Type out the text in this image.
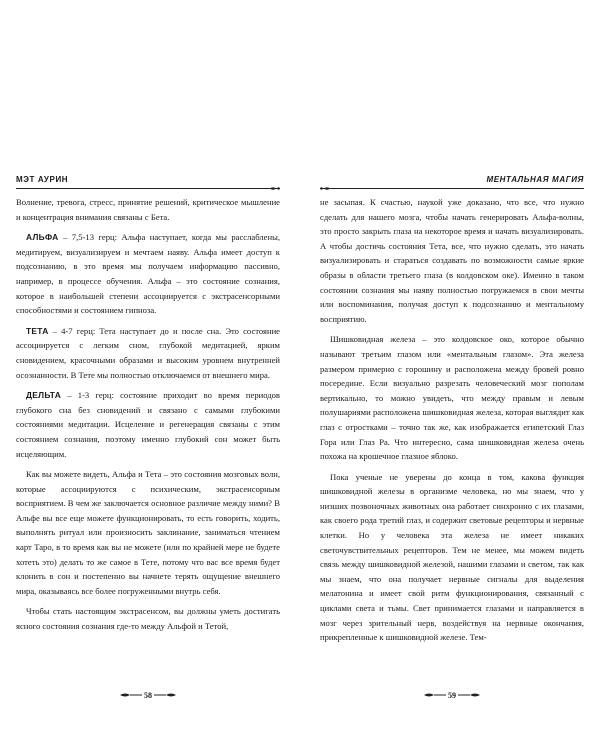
МЭТ АУРИН

Волнение, тревога, стресс, принятие решений, критическое мышление и концентрация внимания связаны с Бета.

АЛЬФА – 7,5-13 герц: Альфа наступает, когда мы расслаблены, медитируем, визуализируем и мечтаем наяву. Альфа имеет доступ к подсознанию, в это время мы получаем информацию пассивно, например, в процессе обучения. Альфа – это состояние сознания, которое в наибольшей степени ассоциируется с экстрасенсорными способностями и состоянием гипноза.

ТЕТА – 4-7 герц: Тета наступает до и после сна. Это состояние ассоциируется с легким сном, глубокой медитацией, ярким сновидением, красочными образами и высоким уровнем внутренней осознанности. В Тете мы полностью отключаемся от внешнего мира.

ДЕЛЬТА – 1-3 герц: состояние приходит во время периодов глубокого сна без сновидений и связано с самыми глубокими состояниями медитации. Исцеление и регенерация связаны с этим состоянием сознания, поэтому именно глубокий сон может быть исцеляющим.

Как вы можете видеть, Альфа и Тета – это состояния мозговых волн, которые ассоциируются с психическим, экстрасенсорным восприятием. В чем же заключается основное различие между ними? В Альфе вы все еще можете функционировать, то есть говорить, ходить, выполнять ритуал или произносить заклинание, заниматься чтением карт Таро, в то время как вы не можете (или по крайней мере не будете хотеть это) делать то же самое в Тете, потому что вас все время будет клонить в сон и постепенно вы начнете терять ощущение внешнего мира, оказываясь все более погруженными внутрь себя.

Чтобы стать настоящим экстрасенсом, вы должны уметь достигать ясного состояния сознания где-то между Альфой и Тетой,

МЕНТАЛЬНАЯ МАГИЯ

не засыпая. К счастью, наукой уже доказано, что все, что нужно сделать для нашего мозга, чтобы начать генерировать Альфа-волны, это просто закрыть глаза на некоторое время и начать визуализировать. А чтобы достичь состояния Тета, все, что нужно сделать, это начать визуализировать и стараться создавать по возможности самые яркие образы в области третьего глаза (в колдовском оке). Именно в таком состоянии сознания мы наяву полностью погружаемся в свои мечты или воспоминания, получая доступ к подсознанию и ментальному восприятию.

Шишковидная железа – это колдовское око, которое обычно называют третьим глазом или «ментальным глазом». Эта железа размером примерно с горошину и расположена между бровей ровно посередине. Если визуально разрезать человеческий мозг пополам вертикально, то можно увидеть, что между правым и левым полушариями расположена шишковидная железа, которая выглядит как глаз с отростками – точно так же, как изображается египетский Глаз Гора или Глаз Ра. Что интересно, сама шишковидная железа очень похожа на крошечное глазное яблоко.

Пока ученые не уверены до конца в том, какова функция шишковидной железы в организме человека, но мы знаем, что у низших позвоночных животных она работает синхронно с их глазами, как своего рода третий глаз, и содержит световые рецепторы и нервные клетки. Но у человека эта железа не имеет никаких светочувствительных рецепторов. Тем не менее, мы можем видеть связь между шишковидной железой, нашими глазами и светом, так как мы знаем, что она получает нервные сигналы для выделения мелатонина и имеет свой ритм функционирования, связанный с циклами света и тьмы. Свет принимается глазами и направляется в мозг через зрительный нерв, воздействуя на нервные окончания, прикрепленные к шишковидной железе. Тем-

58	59
